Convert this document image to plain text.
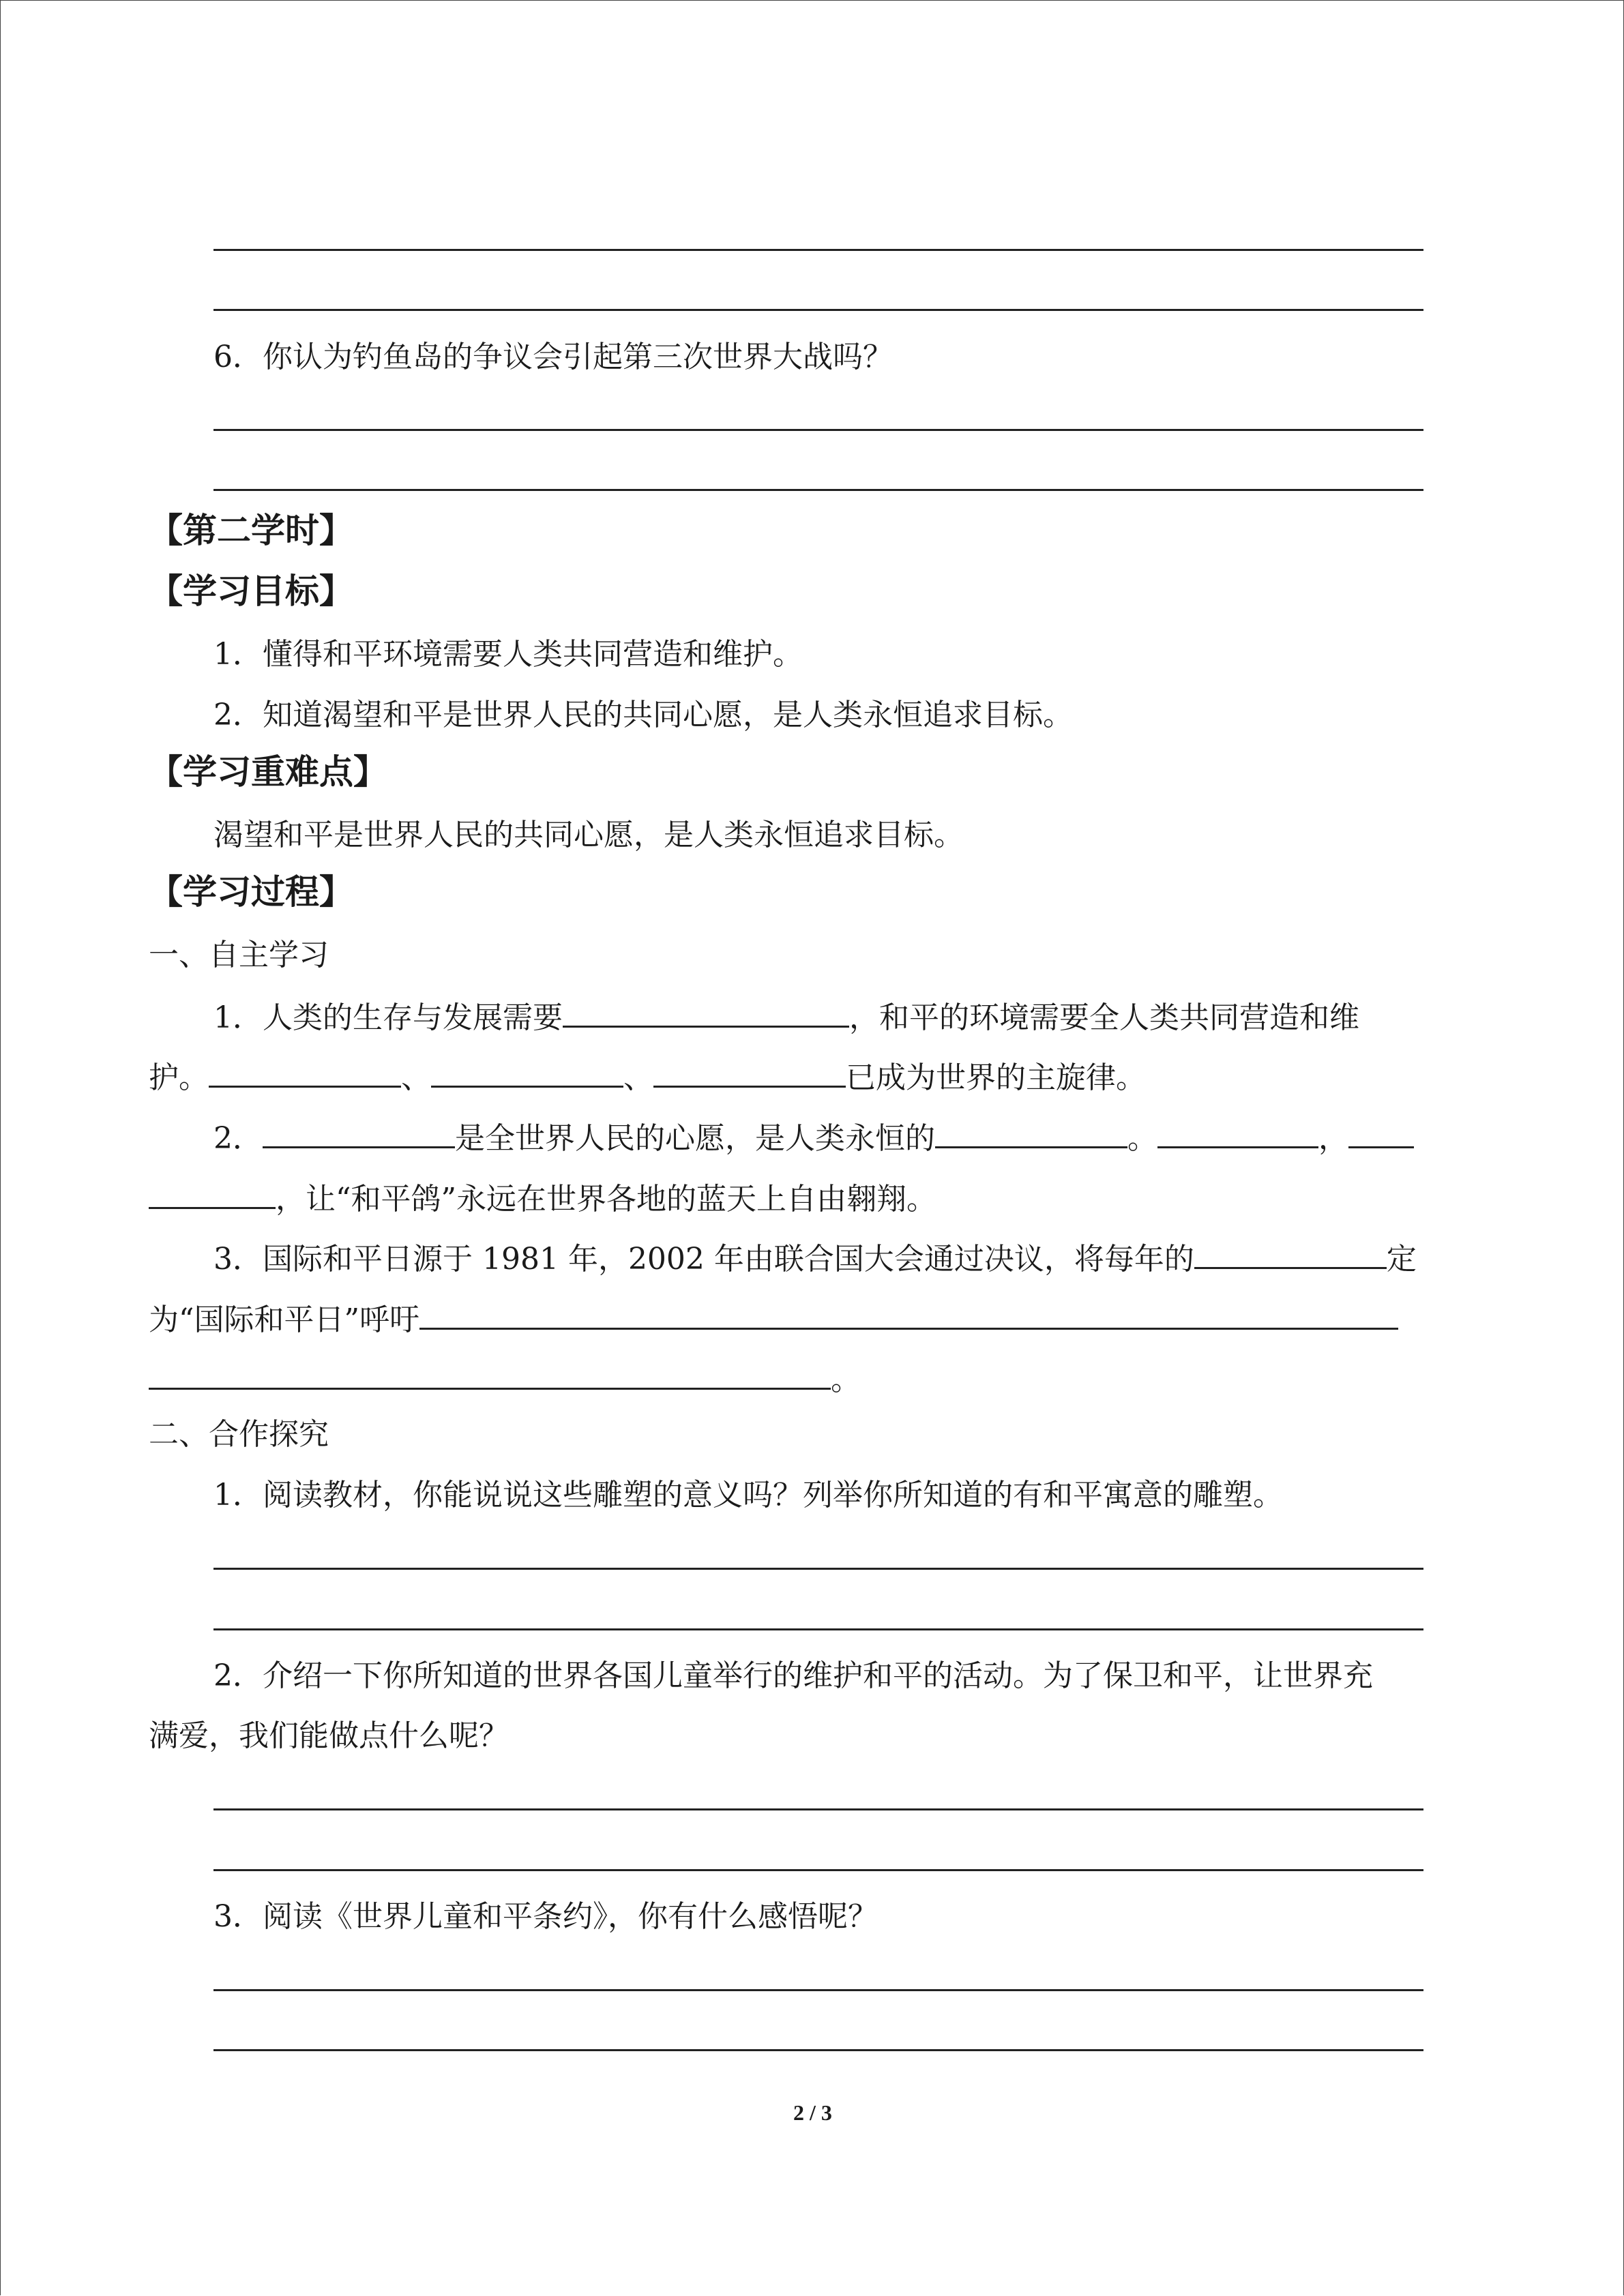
6．你认为钓鱼岛的争议会引起第三次世界大战吗？
【第二学时】
【学习目标】
1．懂得和平环境需要人类共同营造和维护。
2．知道渴望和平是世界人民的共同心愿，是人类永恒追求目标。
【学习重难点】
渴望和平是世界人民的共同心愿，是人类永恒追求目标。
【学习过程】
一、自主学习
1．人类的生存与发展需要	，和平的环境需要全人类共同营造和维
护。	、	、	已成为世界的主旋律。
2．	是全世界人民的心愿，是人类永恒的	。	，
，让“和平鸽”永远在世界各地的蓝天上自由翱翔。
3．国际和平日源于 1981 年，2002 年由联合国大会通过决议，将每年的	定
为“国际和平日”呼吁
。
二、合作探究
1．阅读教材，你能说说这些雕塑的意义吗？列举你所知道的有和平寓意的雕塑。
2．介绍一下你所知道的世界各国儿童举行的维护和平的活动。为了保卫和平，让世界充
满爱，我们能做点什么呢？
3．阅读《世界儿童和平条约》，你有什么感悟呢？
2 / 3
